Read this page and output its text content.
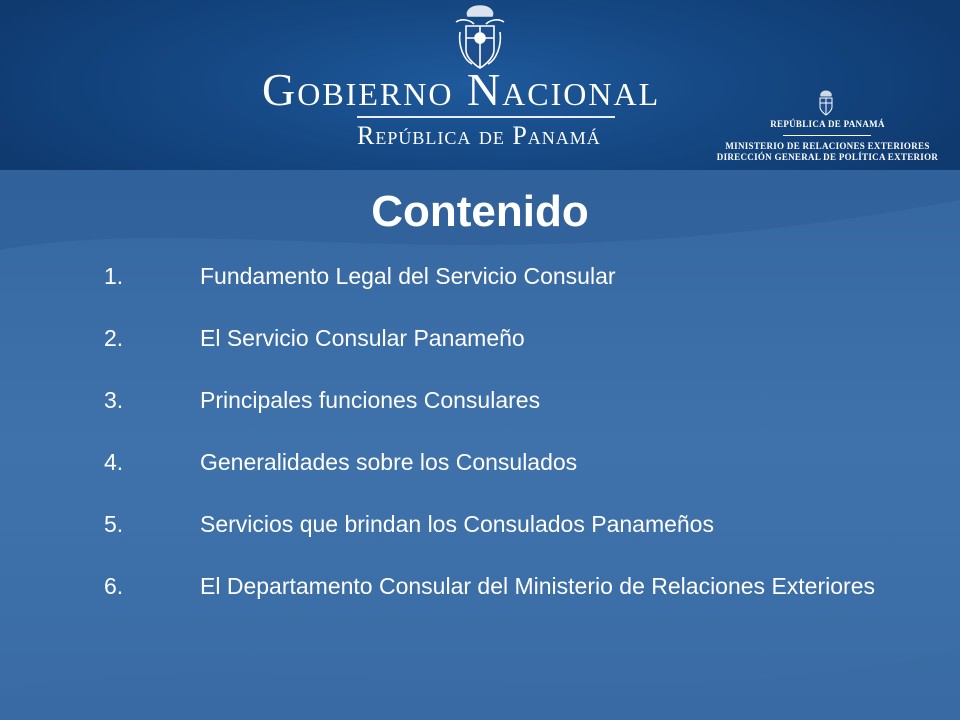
Gobierno Nacional
República de Panamá	REPÚBLICA DE PANAMÁ
MINISTERIO DE RELACIONES EXTERIORES
DIRECCIÓN GENERAL DE POLÍTICA EXTERIOR
Contenido
1.	Fundamento Legal del Servicio Consular
2.	El Servicio Consular Panameño
3.	Principales funciones Consulares
4.	Generalidades sobre los Consulados
5.	Servicios que brindan los Consulados Panameños
6.	El Departamento Consular del Ministerio de Relaciones Exteriores
